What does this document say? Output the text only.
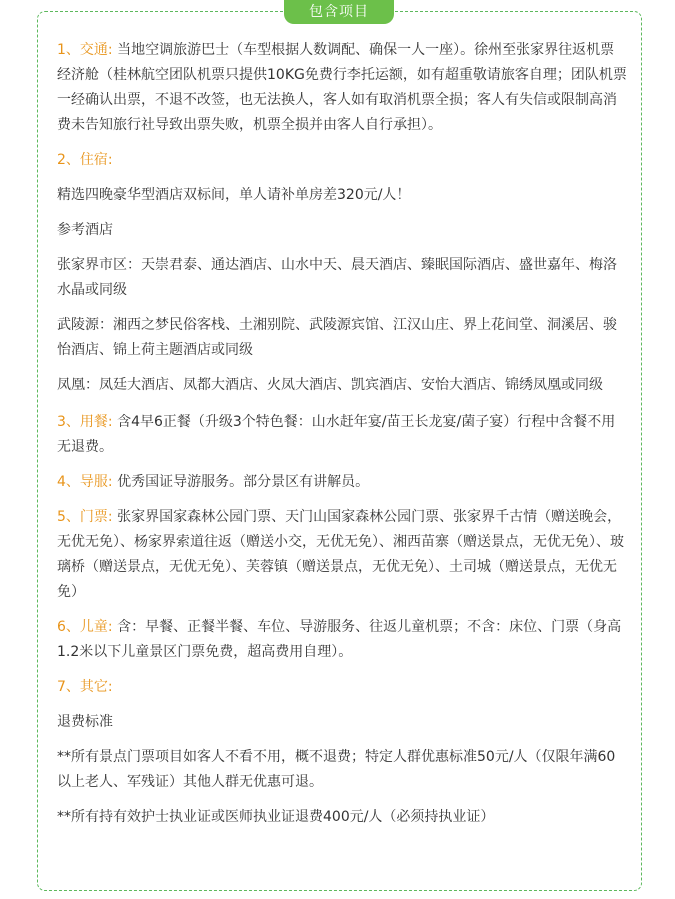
包含项目

1、交通: 当地空调旅游巴士（车型根据人数调配、确保一人一座）。徐州至张家界往返机票经济舱（桂林航空团队机票只提供10KG免费行李托运额，如有超重敬请旅客自理；团队机票一经确认出票，不退不改签，也无法换人，客人如有取消机票全损；客人有失信或限制高消费未告知旅行社导致出票失败，机票全损并由客人自行承担）。

2、住宿:

精选四晚豪华型酒店双标间，单人请补单房差320元/人！

参考酒店

张家界市区：天崇君泰、通达酒店、山水中天、晨天酒店、臻眠国际酒店、盛世嘉年、梅洛水晶或同级

武陵源：湘西之梦民俗客栈、土湘别院、武陵源宾馆、江汉山庄、界上花间堂、洞溪居、骏怡酒店、锦上荷主题酒店或同级

凤凰：凤廷大酒店、凤都大酒店、火凤大酒店、凯宾酒店、安怡大酒店、锦绣凤凰或同级

3、用餐: 含4早6正餐（升级3个特色餐：山水赶年宴/苗王长龙宴/菌子宴）行程中含餐不用无退费。

4、导服: 优秀国证导游服务。部分景区有讲解员。

5、门票: 张家界国家森林公园门票、天门山国家森林公园门票、张家界千古情（赠送晚会，无优无免）、杨家界索道往返（赠送小交，无优无免）、湘西苗寨（赠送景点，无优无免）、玻璃桥（赠送景点，无优无免）、芙蓉镇（赠送景点，无优无免）、土司城（赠送景点，无优无免）

6、儿童: 含：早餐、正餐半餐、车位、导游服务、往返儿童机票；不含：床位、门票（身高1.2米以下儿童景区门票免费，超高费用自理）。

7、其它:

退费标准

**所有景点门票项目如客人不看不用，概不退费；特定人群优惠标准50元/人（仅限年满60以上老人、军残证）其他人群无优惠可退。

**所有持有效护士执业证或医师执业证退费400元/人（必须持执业证）
